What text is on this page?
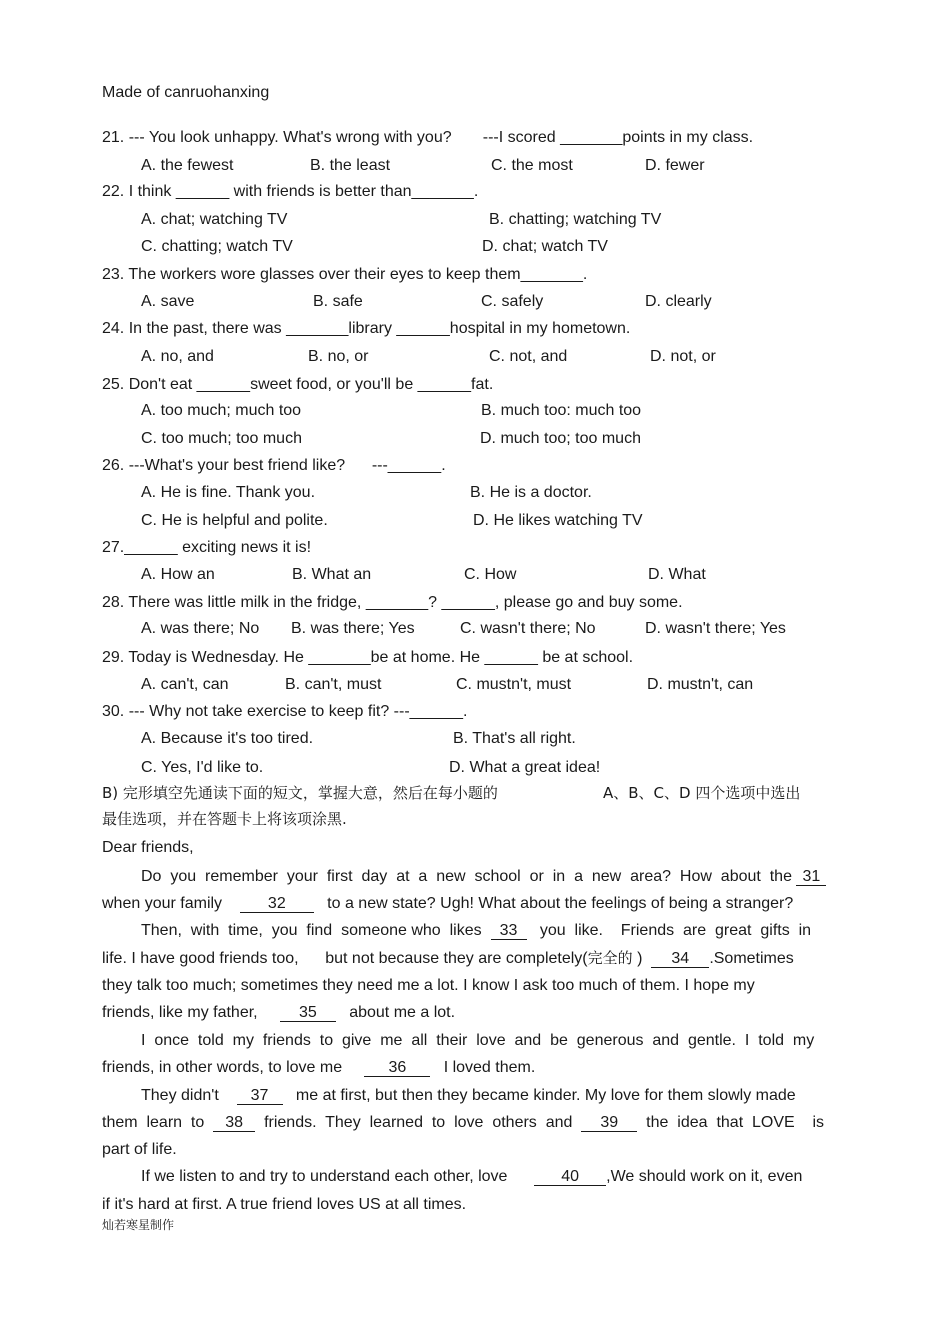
Made of canruohanxing
21. --- You look unhappy. What's wrong with you?       ---I scored _______points in my class.
A. the fewest	B. the least	C. the most	D. fewer
22. I think ______ with friends is better than_______.
A. chat; watching TV	B. chatting; watching TV
C. chatting; watch TV	D. chat; watch TV
23. The workers wore glasses over their eyes to keep them_______.
A. save	B. safe	C. safely	D. clearly
24. In the past, there was _______library ______hospital in my hometown.
A. no, and	B. no, or	C. not, and	D. not, or
25. Don't eat ______sweet food, or you'll be ______fat.
A. too much; much too	B. much too: much too
C. too much; too much	D. much too; too much
26. ---What's your best friend like?      ---______.
A. He is fine. Thank you.	B. He is a doctor.
C. He is helpful and polite.	D. He likes watching TV
27.______ exciting news it is!
A. How an	B. What an	C. How	D. What
28. There was little milk in the fridge, _______? ______, please go and buy some.
A. was there; No B. was there; Yes	C. wasn't there; No	D. wasn't there; Yes
29. Today is Wednesday. He _______be at home. He ______ be at school.
A. can't, can	B. can't, must	C. mustn't, must	D. mustn't, can
30. --- Why not take exercise to keep fit? ---______.
A. Because it's too tired.	B. That's all right.
C. Yes, I'd like to.	D. What a great idea!
B) 完形填空先通读下面的短文，掌握大意，然后在每小题的	A、B、C、D 四个选项中选出
最佳选项，并在答题卡上将该项涂黑.
Dear friends,
Do  you  remember  your  first  day  at  a  new  school  or  in  a  new  area?  How  about  the 31
when your family	32	to a new state? Ugh! What about the feelings of being a stranger?
Then,  with  time,  you  find  someone who  likes 33 you  like.    Friends  are  great  gifts  in
life. I have good friends too,      but not because they are completely(完全的 ) 34 .Sometimes
they talk too much; sometimes they need me a lot. I know I ask too much of them. I hope my
friends, like my father,	35 about me a lot.
I  once  told  my  friends  to  give  me  all  their  love  and  be  generous  and  gentle.  I  told  my
friends, in other words, to love me	36 I loved them.
They didn't 37 me at first, but then they became kinder. My love for them slowly made
them  learn  to 38 friends.  They  learned  to  love  others  and 39 the  idea  that  LOVE    is
part of life.
If we listen to and try to understand each other, love	40 ,We should work on it, even
if it's hard at first. A true friend loves US at all times.
灿若寒星制作
